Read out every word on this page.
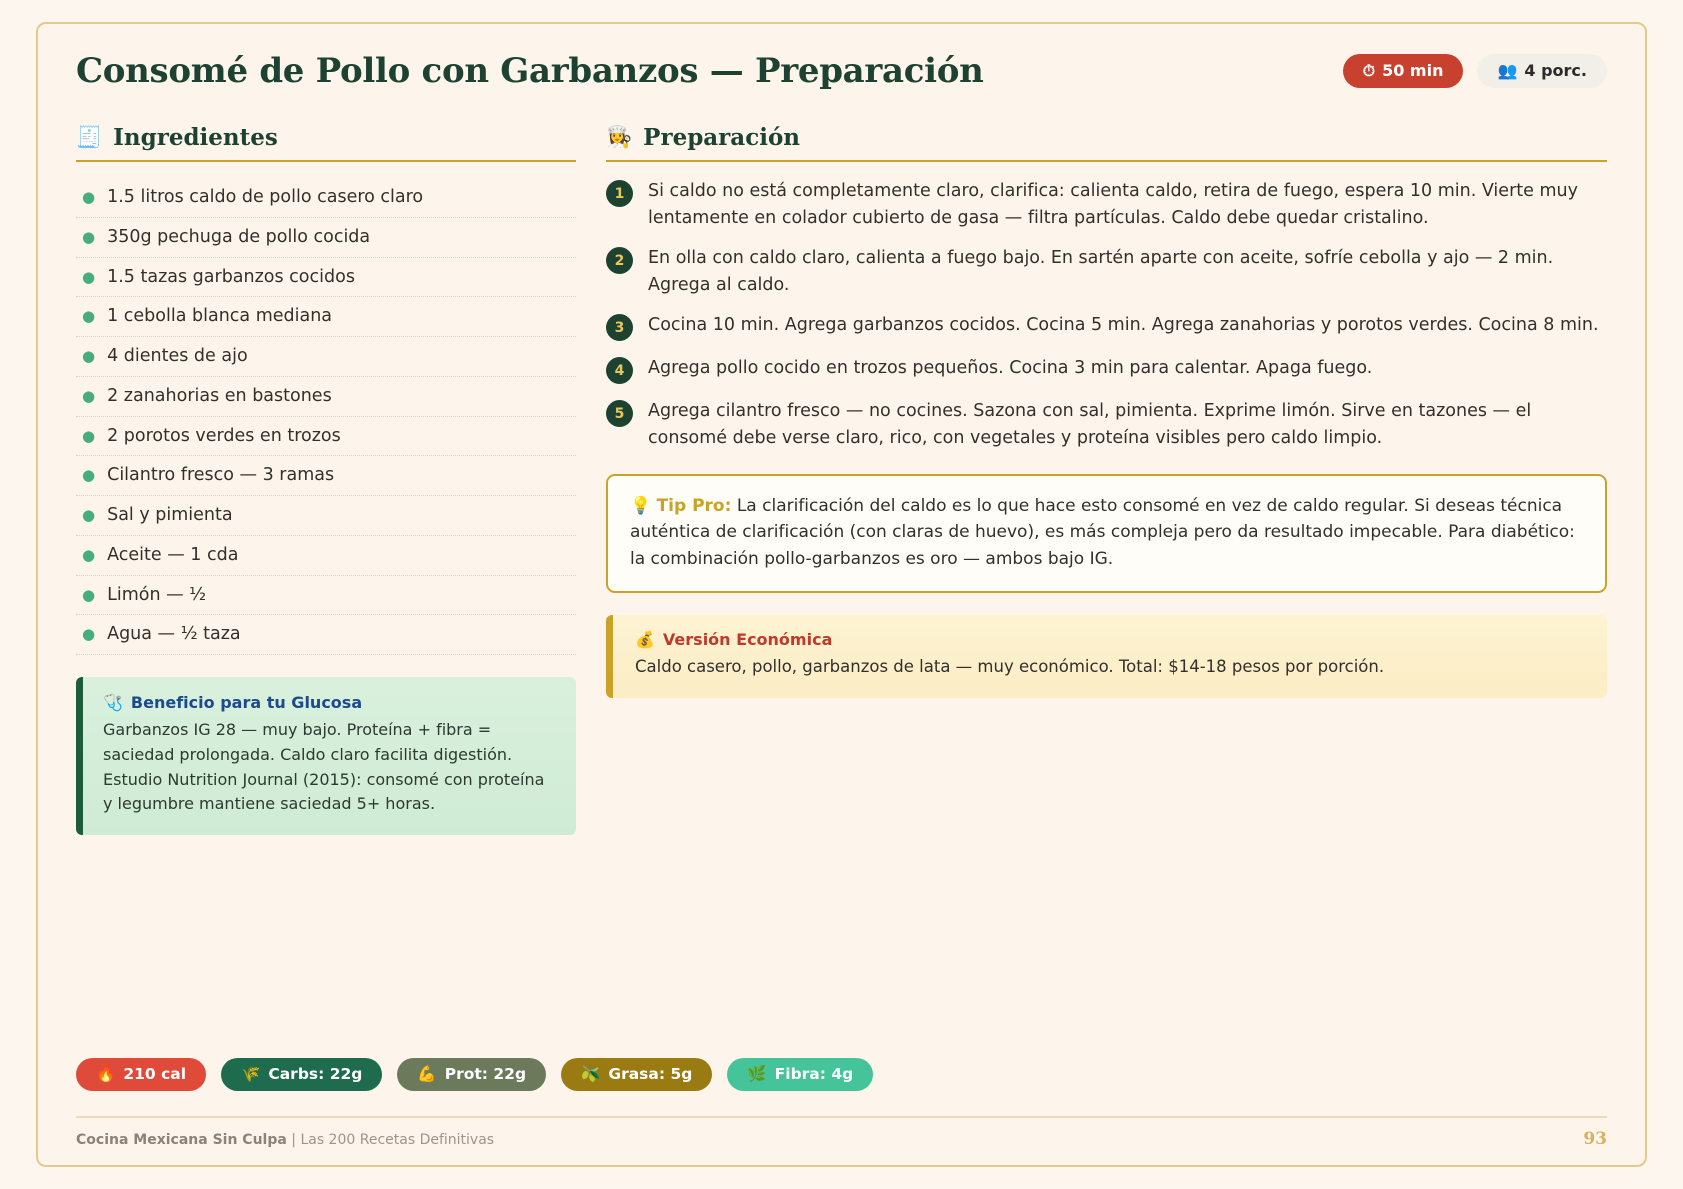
Consomé de Pollo con Garbanzos — Preparación	⏱ 50 min	👥 4 porc.
🧾 Ingredientes
● 1.5 litros caldo de pollo casero claro
● 350g pechuga de pollo cocida
● 1.5 tazas garbanzos cocidos
● 1 cebolla blanca mediana
● 4 dientes de ajo
● 2 zanahorias en bastones
● 2 porotos verdes en trozos
● Cilantro fresco — 3 ramas
● Sal y pimienta
● Aceite — 1 cda
● Limón — ½
● Agua — ½ taza
🩺 Beneficio para tu Glucosa
Garbanzos IG 28 — muy bajo. Proteína + fibra = saciedad prolongada. Caldo claro facilita digestión. Estudio Nutrition Journal (2015): consomé con proteína y legumbre mantiene saciedad 5+ horas.
👩‍🍳 Preparación
1	Si caldo no está completamente claro, clarifica: calienta caldo, retira de fuego, espera 10 min. Vierte muy lentamente en colador cubierto de gasa — filtra partículas. Caldo debe quedar cristalino.
2	En olla con caldo claro, calienta a fuego bajo. En sartén aparte con aceite, sofríe cebolla y ajo — 2 min. Agrega al caldo.
3	Cocina 10 min. Agrega garbanzos cocidos. Cocina 5 min. Agrega zanahorias y porotos verdes. Cocina 8 min.
4	Agrega pollo cocido en trozos pequeños. Cocina 3 min para calentar. Apaga fuego.
5	Agrega cilantro fresco — no cocines. Sazona con sal, pimienta. Exprime limón. Sirve en tazones — el consomé debe verse claro, rico, con vegetales y proteína visibles pero caldo limpio.
💡 Tip Pro: La clarificación del caldo es lo que hace esto consomé en vez de caldo regular. Si deseas técnica auténtica de clarificación (con claras de huevo), es más compleja pero da resultado impecable. Para diabético: la combinación pollo-garbanzos es oro — ambos bajo IG.
💰 Versión Económica
Caldo casero, pollo, garbanzos de lata — muy económico. Total: $14-18 pesos por porción.
🔥 210 cal	🌾 Carbs: 22g	💪 Prot: 22g	🫒 Grasa: 5g	🌿 Fibra: 4g
Cocina Mexicana Sin Culpa | Las 200 Recetas Definitivas	93
